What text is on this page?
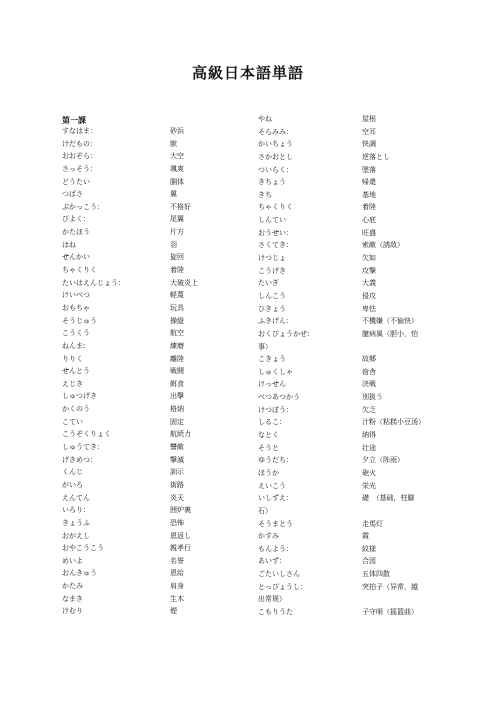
高級日本語単語
第一課
すなはま：	砂浜
けだもの：	獣
おおぞら：	大空
さっそう：	颯爽
どうたい	胴体
つばさ	翼
ぶかっこう：	不格好
びよく：	尾翼
かたほう	片方
はね	羽
せんかい	旋回
ちゃくりく	着陸
たいはえんじょう：	大破炎上
けいべつ	軽蔑
おもちゃ	玩具
そうじゅう	操縦
こうくう	航空
ねんまː	練磨
りりく	離陸
せんとう	戦闘
えじき	餌食
しゅつげき	出撃
かくのう	格納
こてい	固定
こうぞくりょく	航続力
しゅうてき：	讐敵
げきめつ：	撃滅
くんじ	訓示
がいろ	街路
えんてん	炎天
いろり：	囲炉裏
きょうふ	恐怖
おがえし	恩返し
おやこうこう	親孝行
めいよ	名誉
おんきゅう	恩給
かたみ	肩身
なまき	生木
けむり	煙
やね	屋根
そらみみ：	空耳
かいちょう	快調
さかおとし	逆落とし
ついらく：	墜落
きちょう	帰還
きち	基地
ちゃくりく	着陸
しんてい	心底
おうせい：	旺盛
さくてき：	索敵（誘敌）
けつじょ	欠如
こうげき	攻撃
たいぎ	大義
しんこう	侵攻
ひきょう	卑怯
ふきげん：	不機嫌（不愉快）
おくびょうかぜ：	臆病風（胆小，怕
事）
こきょう	故郷
しゅくしゃ	宿舎
けっせん	決戦
べつあつかう	別扱う
けつぼう：	欠乏
しるこ：	汁粉（粘糕小豆汤）
なとく	納得
そうと	壮途
ゆうだち：	夕立（阵雨）
ほうか	砲火
えいこう	栄光
いしずえ：	礎　（基础，柱脚
石）
そうまとう	走馬灯
かすみ	霞
もんよう：	紋様
あいず：	合図
ごたいしさん	五体四散
とっぴょうし：	突拍子（异常，越
出常规）
こもりうた	子守唄（摇篮曲）
